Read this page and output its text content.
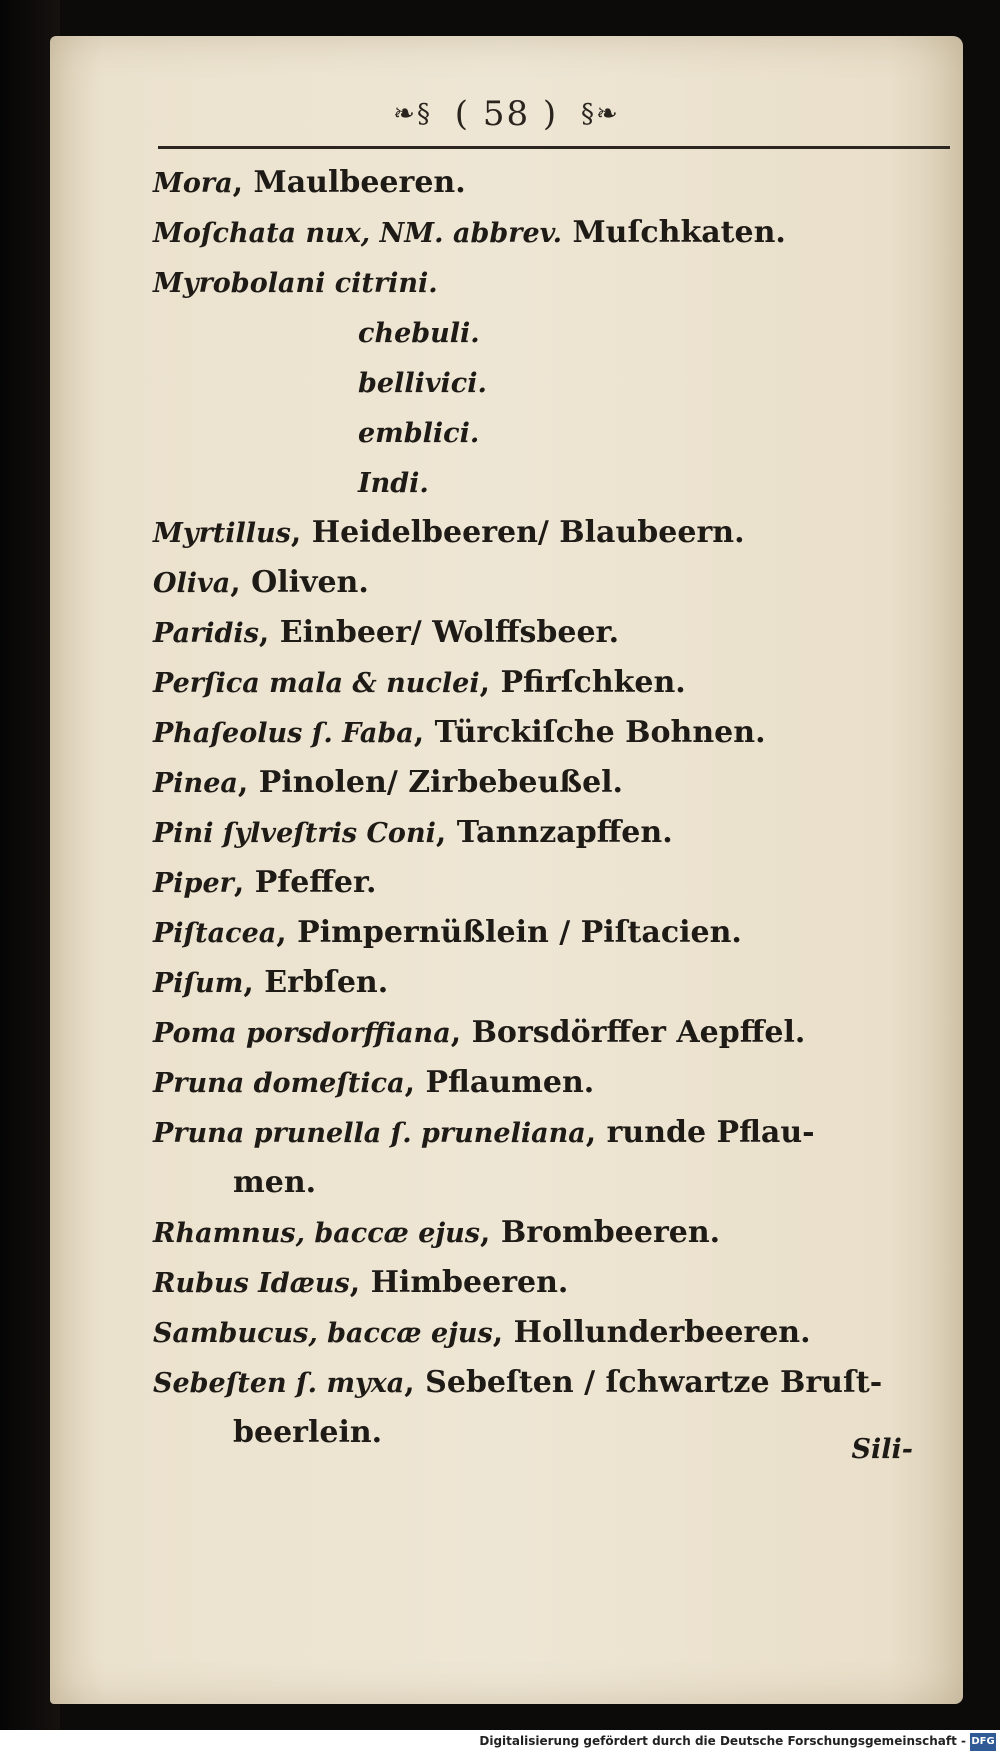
❧§ ( 58 ) §❧
Mora, Maulbeeren.
Moſchata nux, NM. abbrev. Muſchkaten.
Myrobolani citrini.
chebuli.
bellivici.
emblici.
Indi.
Myrtillus, Heidelbeeren/ Blaubeern.
Oliva, Oliven.
Paridis, Einbeer/ Wolffsbeer.
Perſica mala & nuclei, Pfirſchken.
Phaſeolus ſ. Faba, Türckiſche Bohnen.
Pinea, Pinolen/ Zirbebeußel.
Pini ſylveſtris Coni, Tannzapffen.
Piper, Pfeffer.
Piſtacea, Pimpernüßlein / Piſtacien.
Piſum, Erbſen.
Poma porsdorffiana, Borsdörffer Aepffel.
Pruna domeſtica, Pflaumen.
Pruna prunella ſ. pruneliana, runde Pflau-
men.
Rhamnus, baccæ ejus, Brombeeren.
Rubus Idæus, Himbeeren.
Sambucus, baccæ ejus, Hollunderbeeren.
Sebeſten ſ. myxa, Sebeſten / ſchwartze Bruſt-
beerlein.	Sili-
Digitalisierung gefördert durch die Deutsche Forschungsgemeinschaft - DFG
